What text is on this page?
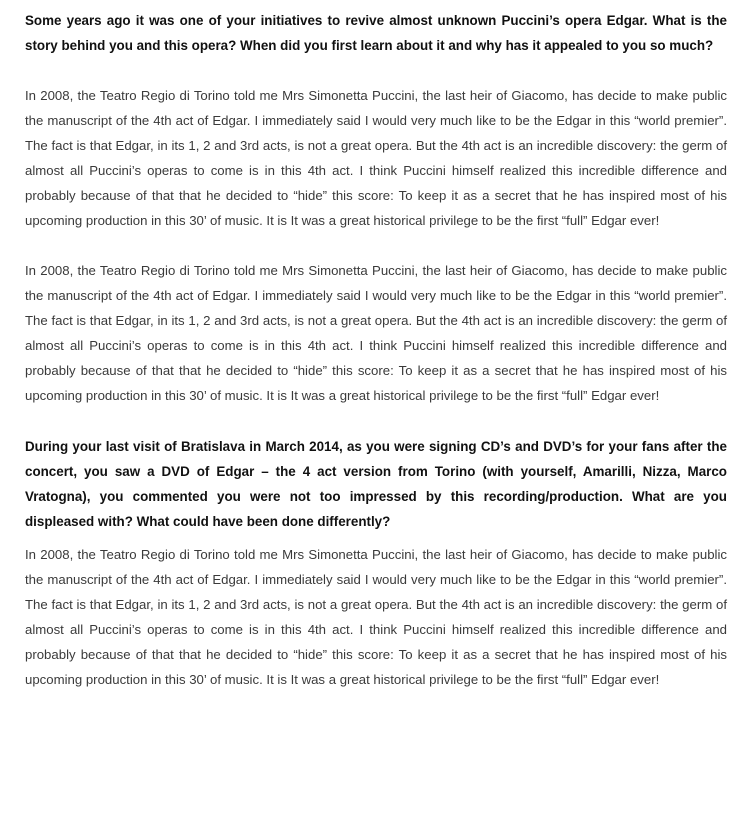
Some years ago it was one of your initiatives to revive almost unknown Puccini’s opera Edgar. What is the story behind you and this opera? When did you first learn about it and why has it appealed to you so much?

In 2008, the Teatro Regio di Torino told me Mrs Simonetta Puccini, the last heir of Giacomo, has decide to make public the manuscript of the 4th act of Edgar. I immediately said I would very much like to be the Edgar in this “world premier”. The fact is that Edgar, in its 1, 2 and 3rd acts, is not a great opera. But the 4th act is an incredible discovery: the germ of almost all Puccini’s operas to come is in this 4th act. I think Puccini himself realized this incredible difference and probably because of that that he decided to “hide” this score: To keep it as a secret that he has inspired most of his upcoming production in this 30’ of music. It is It was a great historical privilege to be the first “full” Edgar ever!

In 2008, the Teatro Regio di Torino told me Mrs Simonetta Puccini, the last heir of Giacomo, has decide to make public the manuscript of the 4th act of Edgar. I immediately said I would very much like to be the Edgar in this “world premier”. The fact is that Edgar, in its 1, 2 and 3rd acts, is not a great opera. But the 4th act is an incredible discovery: the germ of almost all Puccini’s operas to come is in this 4th act. I think Puccini himself realized this incredible difference and probably because of that that he decided to “hide” this score: To keep it as a secret that he has inspired most of his upcoming production in this 30’ of music. It is It was a great historical privilege to be the first “full” Edgar ever!

During your last visit of Bratislava in March 2014, as you were signing CD’s and DVD’s for your fans after the concert, you saw a DVD of Edgar – the 4 act version from Torino (with yourself, Amarilli, Nizza, Marco Vratogna), you commented you were not too impressed by this recording/production. What are you displeased with? What could have been done differently?

In 2008, the Teatro Regio di Torino told me Mrs Simonetta Puccini, the last heir of Giacomo, has decide to make public the manuscript of the 4th act of Edgar. I immediately said I would very much like to be the Edgar in this “world premier”. The fact is that Edgar, in its 1, 2 and 3rd acts, is not a great opera. But the 4th act is an incredible discovery: the germ of almost all Puccini’s operas to come is in this 4th act. I think Puccini himself realized this incredible difference and probably because of that that he decided to “hide” this score: To keep it as a secret that he has inspired most of his upcoming production in this 30’ of music. It is It was a great historical privilege to be the first “full” Edgar ever!
